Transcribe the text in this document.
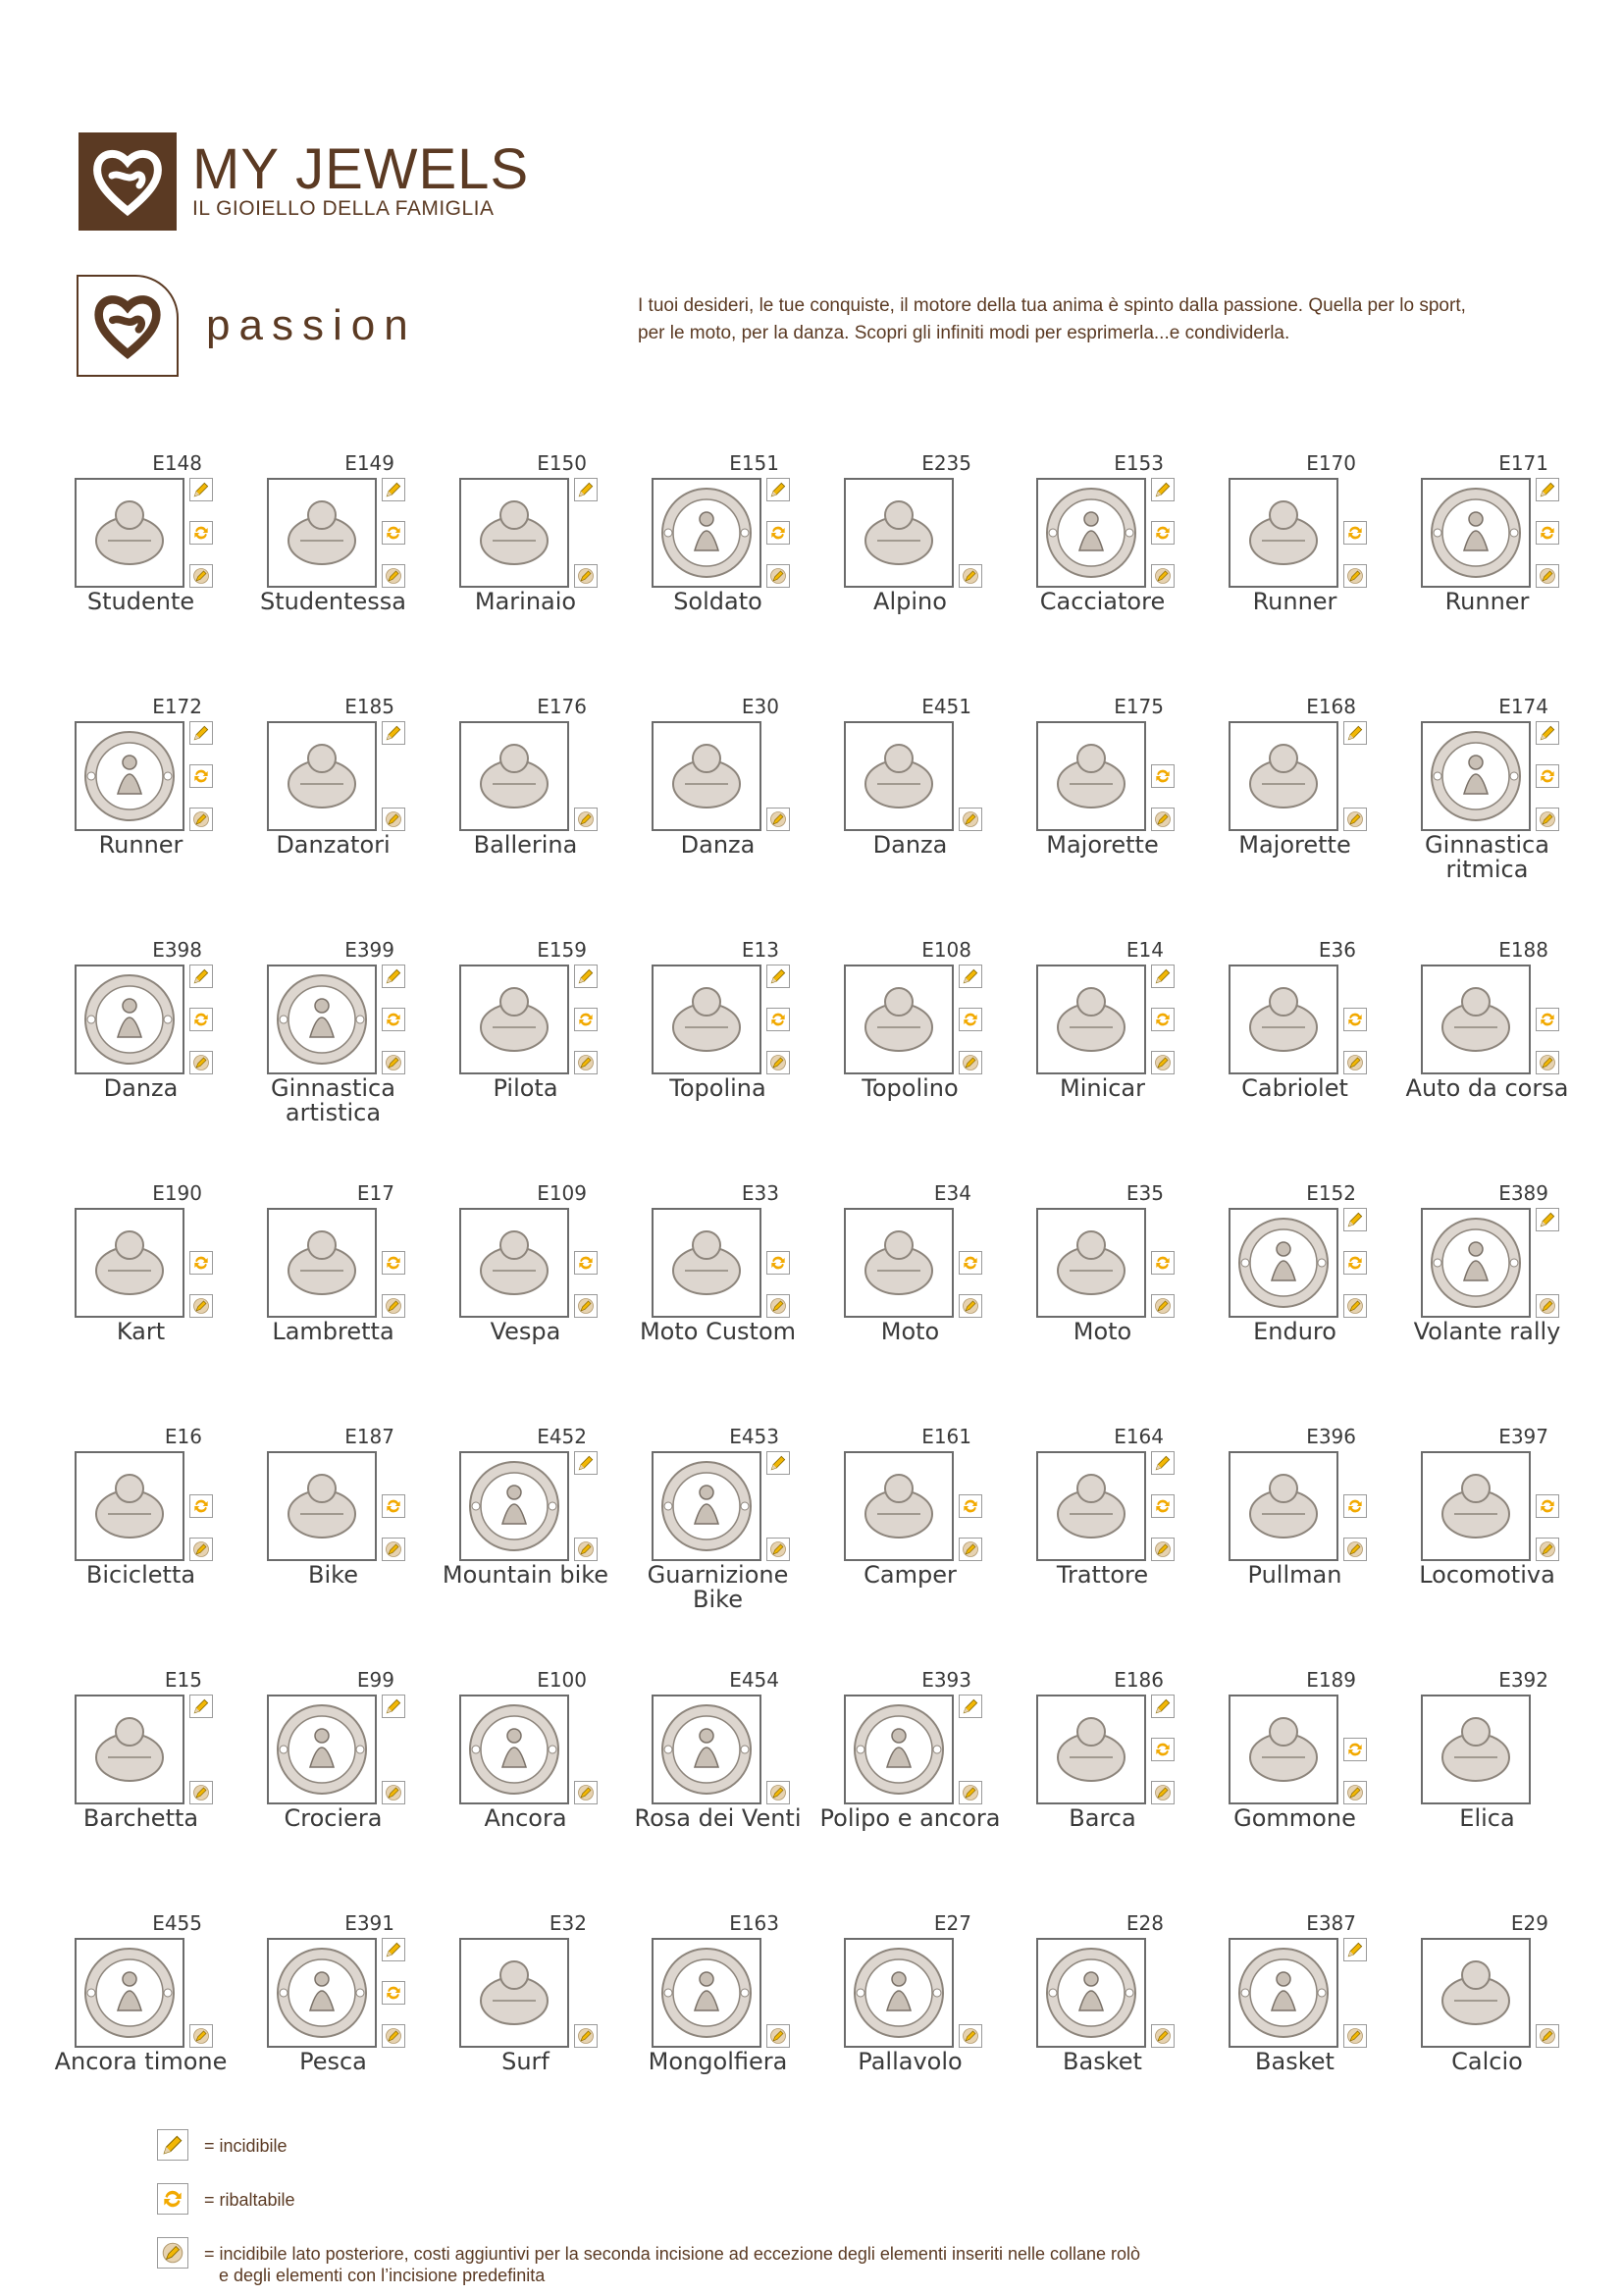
MY JEWELS
IL GIOIELLO DELLA FAMIGLIA
passion	I tuoi desideri, le tue conquiste, il motore della tua anima è spinto dalla passione. Quella per lo sport,
per le moto, per la danza. Scopri gli infiniti modi per esprimerla...e condividerla.

E148
Studente
E149
Studentessa
E150
Marinaio
E151
Soldato
E235
Alpino
E153
Cacciatore
E170
Runner
E171
Runner
E172
Runner
E185
Danzatori
E176
Ballerina
E30
Danza
E451
Danza
E175
Majorette
E168
Majorette
E174
Ginnastica ritmica
E398
Danza
E399
Ginnastica artistica
E159
Pilota
E13
Topolina
E108
Topolino
E14
Minicar
E36
Cabriolet
E188
Auto da corsa
E190
Kart
E17
Lambretta
E109
Vespa
E33
Moto Custom
E34
Moto
E35
Moto
E152
Enduro
E389
Volante rally
E16
Bicicletta
E187
Bike
E452
Mountain bike
E453
Guarnizione Bike
E161
Camper
E164
Trattore
E396
Pullman
E397
Locomotiva
E15
Barchetta
E99
Crociera
E100
Ancora
E454
Rosa dei Venti
E393
Polipo e ancora
E186
Barca
E189
Gommone
E392
Elica
E455
Ancora timone
E391
Pesca
E32
Surf
E163
Mongolfiera
E27
Pallavolo
E28
Basket
E387
Basket
E29
Calcio
= incidibile
= ribaltabile
= incidibile lato posteriore, costi aggiuntivi per la seconda incisione ad eccezione degli elementi inseriti nelle collane rolò
e degli elementi con l’incisione predefinita
